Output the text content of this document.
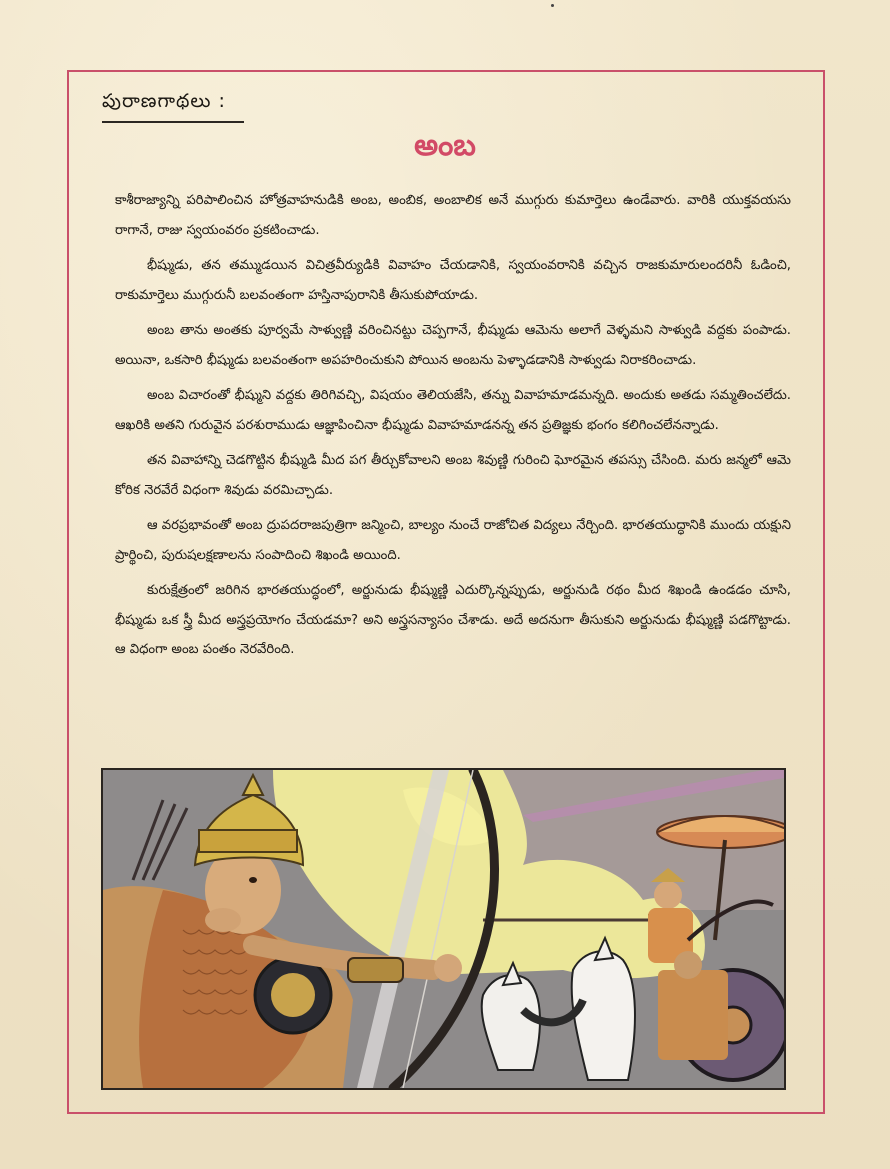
పురాణగాథలు :
అంబ

కాశీరాజ్యాన్ని పరిపాలించిన హోత్రవాహనుడికి అంబ, అంబిక, అంబాలిక అనే ముగ్గురు కుమార్తెలు ఉండేవారు. వారికి యుక్తవయసు రాగానే, రాజు స్వయంవరం ప్రకటించాడు.

భీష్ముడు, తన తమ్ముడయిన విచిత్రవీర్యుడికి వివాహం చేయడానికి, స్వయంవరానికి వచ్చిన రాజకుమారులందరినీ ఓడించి, రాకుమార్తెలు ముగ్గురునీ బలవంతంగా హస్తినాపురానికి తీసుకుపోయాడు.

అంబ తాను అంతకు పూర్వమే సాళ్వుణ్ణి వరించినట్టు చెప్పగానే, భీష్ముడు ఆమెను అలాగే వెళ్ళమని సాళ్వుడి వద్దకు పంపాడు. అయినా, ఒకసారి భీష్ముడు బలవంతంగా అపహరించుకుని పోయిన అంబను పెళ్ళాడడానికి సాళ్వుడు నిరాకరించాడు.

అంబ విచారంతో భీష్ముని వద్దకు తిరిగివచ్చి, విషయం తెలియజేసి, తన్ను వివాహమాడమన్నది. అందుకు అతడు సమ్మతించలేదు. ఆఖరికి అతని గురువైన పరశురాముడు ఆజ్ఞాపించినా భీష్ముడు వివాహమాడనన్న తన ప్రతిజ్ఞకు భంగం కలిగించలేనన్నాడు.

తన వివాహాన్ని చెడగొట్టిన భీష్ముడి మీద పగ తీర్చుకోవాలని అంబ శివుణ్ణి గురించి ఘోరమైన తపస్సు చేసింది. మరు జన్మలో ఆమె కోరిక నెరవేరే విధంగా శివుడు వరమిచ్చాడు.

ఆ వరప్రభావంతో అంబ ద్రుపదరాజపుత్రిగా జన్మించి, బాల్యం నుంచే రాజోచిత విద్యలు నేర్చింది. భారతయుద్ధానికి ముందు యక్షుని ప్రార్థించి, పురుషలక్షణాలను సంపాదించి శిఖండి అయింది.

కురుక్షేత్రంలో జరిగిన భారతయుద్ధంలో, అర్జునుడు భీష్ముణ్ణి ఎదుర్కొన్నప్పుడు, అర్జునుడి రథం మీద శిఖండి ఉండడం చూసి, భీష్ముడు ఒక స్త్రీ మీద అస్త్రప్రయోగం చేయడమా? అని అస్త్రసన్యాసం చేశాడు. అదే అదనుగా తీసుకుని అర్జునుడు భీష్ముణ్ణి పడగొట్టాడు. ఆ విధంగా అంబ పంతం నెరవేరింది.
